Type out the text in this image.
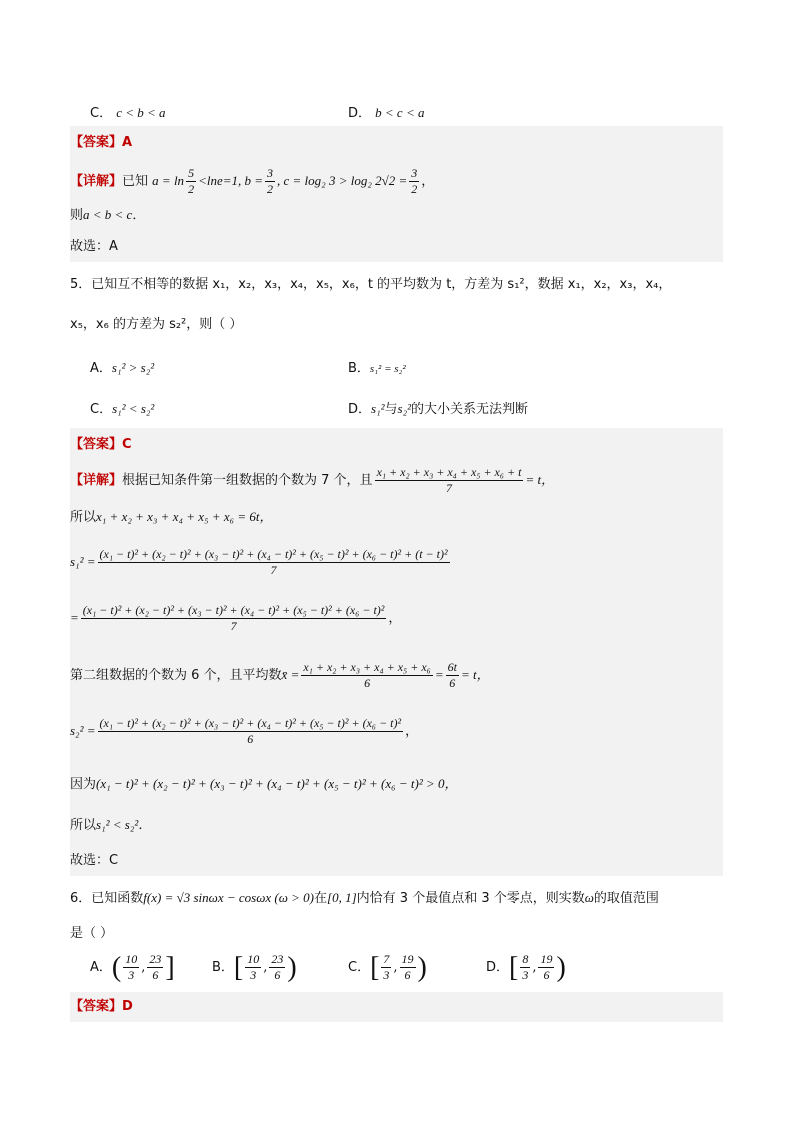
C． c < b < a	D． b < c < a
【答案】A
【详解】已知 $a = \ln \frac{5}{2} <\ln e=1$, $b = \frac{3}{2}$ , c = log₂ 3 > log₂ $2√2 = \frac{3}{2}$ ，
则a < b < c．
故选：A
5．已知互不相等的数据 x₁，x₂，x₃，x₄，x₅，x₆，t 的平均数为 t，方差为 s₁²，数据 x₁，x₂，x₃，x₄，
x₅，x₆ 的方差为 s₂²，则（ ）
A．s₁² > s₂²	B．s₁² = s₂²
C．s₁² < s₂²	D．s₁²与s₂²的大小关系无法判断
【答案】C
【详解】根据已知条件第一组数据的个数为 7 个，且 $\frac{\text{x₁ + x₂ + x₃ + x₄ + x₅ + x₆ + t}}{7} = t$，
所以x₁ + x₂ + x₃ + x₄ + x₅ + x₆ = 6t，
s₁² = (x₁ − t)² + (x₂ − t)² + (x₃ − t)² + (x₄ − t)² + (x₅ − t)² + (x₆ − t)² + (t − t)²
7
= (x₁ − t)² + (x₂ − t)² + (x₃ − t)² + (x₄ − t)² + (x₅ − t)² + (x₆ − t)²
7	，
第二组数据的个数为 6 个，且平均数x̄ = $\frac{\text{x₁ + x₂ + x₃ + x₄ + x₅ + x₆}}{6} = \frac{6t}{6} = t$，
s₂² = (x₁ − t)² + (x₂ − t)² + (x₃ − t)² + (x₄ − t)² + (x₅ − t)² + (x₆ − t)²
6	，
因为(x₁ − t)² + (x₂ − t)² + (x₃ − t)² + (x₄ − t)² + (x₅ − t)² + (x₆ − t)² > 0，
所以s₁² < s₂²．
故选：C
6．已知函数f(x) = √3 sinωx − cosωx (ω > 0)在[0, 1]内恰有 3 个最值点和 3 个零点，则实数ω的取值范围
是（ ）
A．( $\frac{10}{3}$ , $\frac{23}{6}$ ]	B．[ $\frac{10}{3}$ , $\frac{23}{6}$ )	C．[ $\frac{7}{3}$ , $\frac{19}{6}$ )	D．[ $\frac{8}{3}$ , $\frac{19}{6}$ )
【答案】D
